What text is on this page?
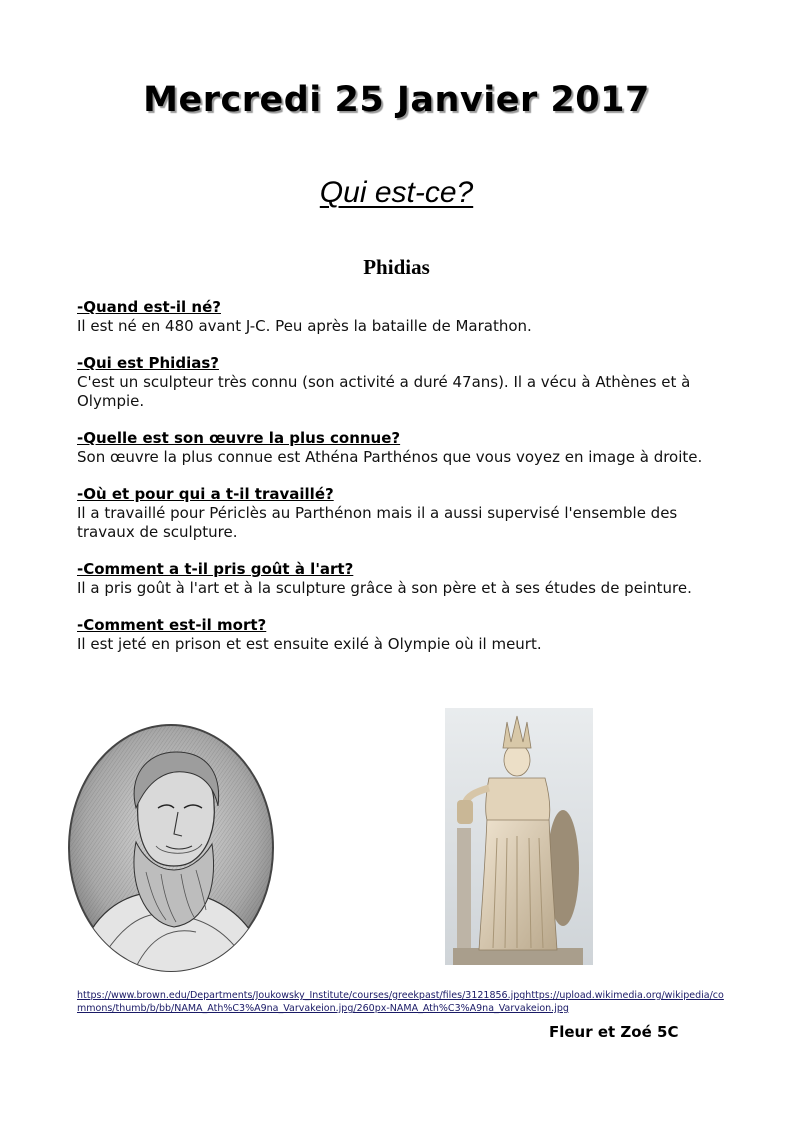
Mercredi 25 Janvier 2017
Qui est-ce?
Phidias
-Quand est-il né?
Il est né en 480 avant J-C. Peu après la bataille de Marathon.
-Qui est Phidias?
C'est un sculpteur très connu (son activité a duré 47ans). Il a vécu à Athènes et à Olympie.
-Quelle est son œuvre la plus connue?
Son œuvre la plus connue est Athéna Parthénos que vous voyez en image à droite.
-Où et pour qui a t-il travaillé?
Il a travaillé pour Périclès au Parthénon mais il a aussi supervisé l'ensemble des travaux de sculpture.
-Comment a t-il pris goût à l'art?
Il a pris goût à l'art et à la sculpture grâce à son père et à ses études de peinture.
-Comment est-il mort?
Il est jeté en prison et est ensuite exilé à Olympie où il meurt.
https://www.brown.edu/Departments/Joukowsky_Institute/courses/greekpast/files/3121856.jpghttps://upload.wikimedia.org/wikipedia/commons/thumb/b/bb/NAMA_Ath%C3%A9na_Varvakeion.jpg/260px-NAMA_Ath%C3%A9na_Varvakeion.jpg
Fleur et Zoé 5C
